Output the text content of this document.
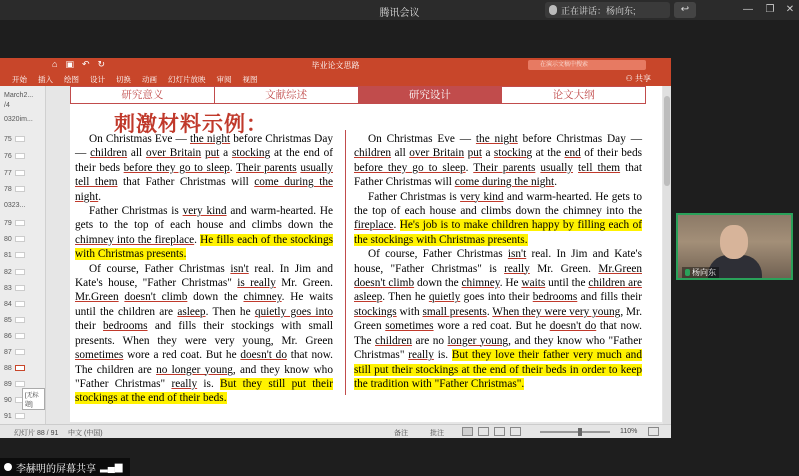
腾讯会议	正在讲话：杨向东;	↩	—	❐	✕
⌂ ▣ ↶ ↻	毕业论文思路	在演示文稿中搜索
开始 插入 绘图 设计 切换 动画 幻灯片放映 审阅 视图	⚇ 共享
March2...
/4
0320im...
75
76
77
78
0323...
79
80
81
82
83
84
85
86
87
88
89
90
91
[无标题]
研究意义	文献综述	研究设计	论文大纲
刺激材料示例：

On Christmas Eve — the night before Christmas Day — children all over Britain put a stocking at the end of their beds before they go to sleep. Their parents usually tell them that Father Christmas will come during the night.

Father Christmas is very kind and warm-hearted. He gets to the top of each house and climbs down the chimney into the fireplace. He fills each of the stockings with Christmas presents.

Of course, Father Christmas isn't real. In Jim and Kate's house, "Father Christmas" is really Mr. Green. Mr.Green doesn't climb down the chimney. He waits until the children are asleep. Then he quietly goes into their bedrooms and fills their stockings with small presents. When they were very young, Mr. Green sometimes wore a red coat. But he doesn't do that now. The children are no longer young, and they know who "Father Christmas" really is. But they still put their stockings at the end of their beds.

On Christmas Eve — the night before Christmas Day — children all over Britain put a stocking at the end of their beds before they go to sleep. Their parents usually tell them that Father Christmas will come during the night.

Father Christmas is very kind and warm-hearted. He gets to the top of each house and climbs down the chimney into the fireplace. He's job is to make children happy by filling each of the stockings with Christmas presents.

Of course, Father Christmas isn't real. In Jim and Kate's house, "Father Christmas" is really Mr. Green. Mr.Green doesn't climb down the chimney. He waits until the children are asleep. Then he quietly goes into their bedrooms and fills their stockings with small presents. When they were very young, Mr. Green sometimes wore a red coat. But he doesn't do that now. The children are no longer young, and they know who "Father Christmas" really is. But they love their father very much and still put their stockings at the end of their beds in order to keep the tradition with "Father Christmas".

幻灯片 88 / 91 中文 (中国)	备注	批注	110%
李赫明的屏幕共享 ▂▄▆
杨向东
